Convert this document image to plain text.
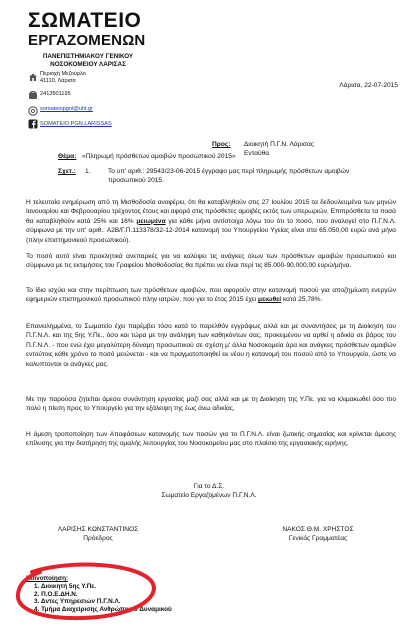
ΣΩΜΑΤΕΙΟ
ΕΡΓΑΖΟΜΕΝΩΝ
ΠΑΝΕΠΙΣΤΗΜΙΑΚΟΥ ΓΕΝΙΚΟΥ
ΝΟΣΟΚΟΜΕΙΟΥ ΛΑΡΙΣΑΣ
Περιοχή Μεζούρλο
41110, Λάρισα
2413501195
somateiopgnl@uhl.gr
SOMATEIO.PGN.LARISSAS
Λάρισα, 22-07-2015
Προς: Διοικητή Π.Γ.Ν. Λάρισας
Ενταύθα
Θέμα: «Πληρωμή πρόσθετων αμοιβών προσωπικού 2015»
Σχετ.: 1.	Το υπ' αριθ.: 29543/23-06-2015 έγγραφο μας περί πληρωμής πρόσθετων αμοιβών προσωπικού 2015.
Η τελευταία ενημέρωση από τη Μισθοδοσία αναφέρει, ότι θα καταβληθούν στις 27 Ιουλίου 2015 τα δεδουλευμένα των μηνών Ιανουαρίου και Φεβρουαρίου τρέχοντος έτους και αφορά στις πρόσθετες αμοιβές εκτός των υπερωριών. Επιπρόσθετα τα ποσά θα καταβληθούν κατά 25% και 16% μειωμένα για κάθε μήνα αντίστοιχα λόγω του ότι το ποσό, που αναλογεί στο Π.Γ.Ν.Λ. σύμφωνα με την υπ' αριθ.: Α2Β/Γ.Π.113378/32-12-2014 κατανομή του Υπουργείου Υγείας είναι στα 65.050,00 ευρώ ανά μήνα (πλην επιστημονικού προσωπικού).
Το ποσό αυτό είναι προκλητικά ανεπαρκές για να καλύψει τις ανάγκες όλων των πρόσθετων αμοιβών προσωπικού και σύμφωνα με τις εκτιμήσεις του Γραφείου Μισθοδοσίας θα πρέπει να είναι περί τις 85.000-90.000,00 ευρώ/μήνα.
Το ίδιο ισχύει και στην περίπτωση των πρόσθετων αμοιβών, που αφορούν στην κατανομή ποσού για αποζημίωση ενεργών εφημεριών επιστημονικού προσωπικού πλην ιατρών, που για το έτος 2015 έχει μειωθεί κατά 25,78%.
Επανειλημμένα, το Σωματείο έχει παρέμβει τόσο κατά το παρελθόν εγγράφως αλλά και με συναντήσεις με τη Διοίκηση του Π.Γ.Ν.Λ. και της 5ης Υ.Πε., όσο και τώρα με την ανάληψη των καθηκόντων σας, προκειμένου να αρθεί η αδικία σε βάρος του Π.Γ.Ν.Λ. - που ενώ έχει μεγαλύτερη δύναμη προσωπικού σε σχέση μ' άλλα Νοσοκομεία άρα και ανάγκες πρόσθετων αμοιβών εντούτοις κάθε χρόνο το ποσό μειώνεται - και να πραγματοποιηθεί εκ νέου η κατανομή του ποσού από το Υπουργείο, ώστε να καλυπτονται οι ανάγκες μας.
Με την παρούσα ζητείται άμεσα συνάντηση εργασίας μαζί σας αλλά και με τη Διοίκηση της Υ.Πε. για να κλιμακωθεί όσο πιο πολύ η πίεση προς το Υπουργείο για την εξάλειψη της έως άνω αδικίας.
Η άμεση τροποποίηση των Αποφάσεων κατανομής των ποσών για το Π.Γ.Ν.Λ. είναι ζωτικής σημασίας και κρίνεται άμεσης επίλυσης για την διατήρηση της ομαλής λειτουργίας του Νοσοκομείου μας στο πλαίσιο της εργασιακής ειρήνης.
Για το Δ.Σ.
Σωματείο Εργαζομένων Π.Γ.Ν.Λ.
ΛΑΡΙΣΗΣ ΚΩΝΣΤΑΝΤΙΝΟΣ
Πρόεδρος
ΝΑΚΟΣ Θ.Μ. ΧΡΗΣΤΟΣ
Γενικός Γραμματέας
Κοινοποίηση:
1. Διοικητή 5ης Υ.Πε.
2. Π.Ο.Ε.ΔΗ.Ν.
3. Δντες Υπηρεσιών Π.Γ.Ν.Λ.
4. Τμήμα Διαχείρισης Ανθρώπινου Δυναμικού
